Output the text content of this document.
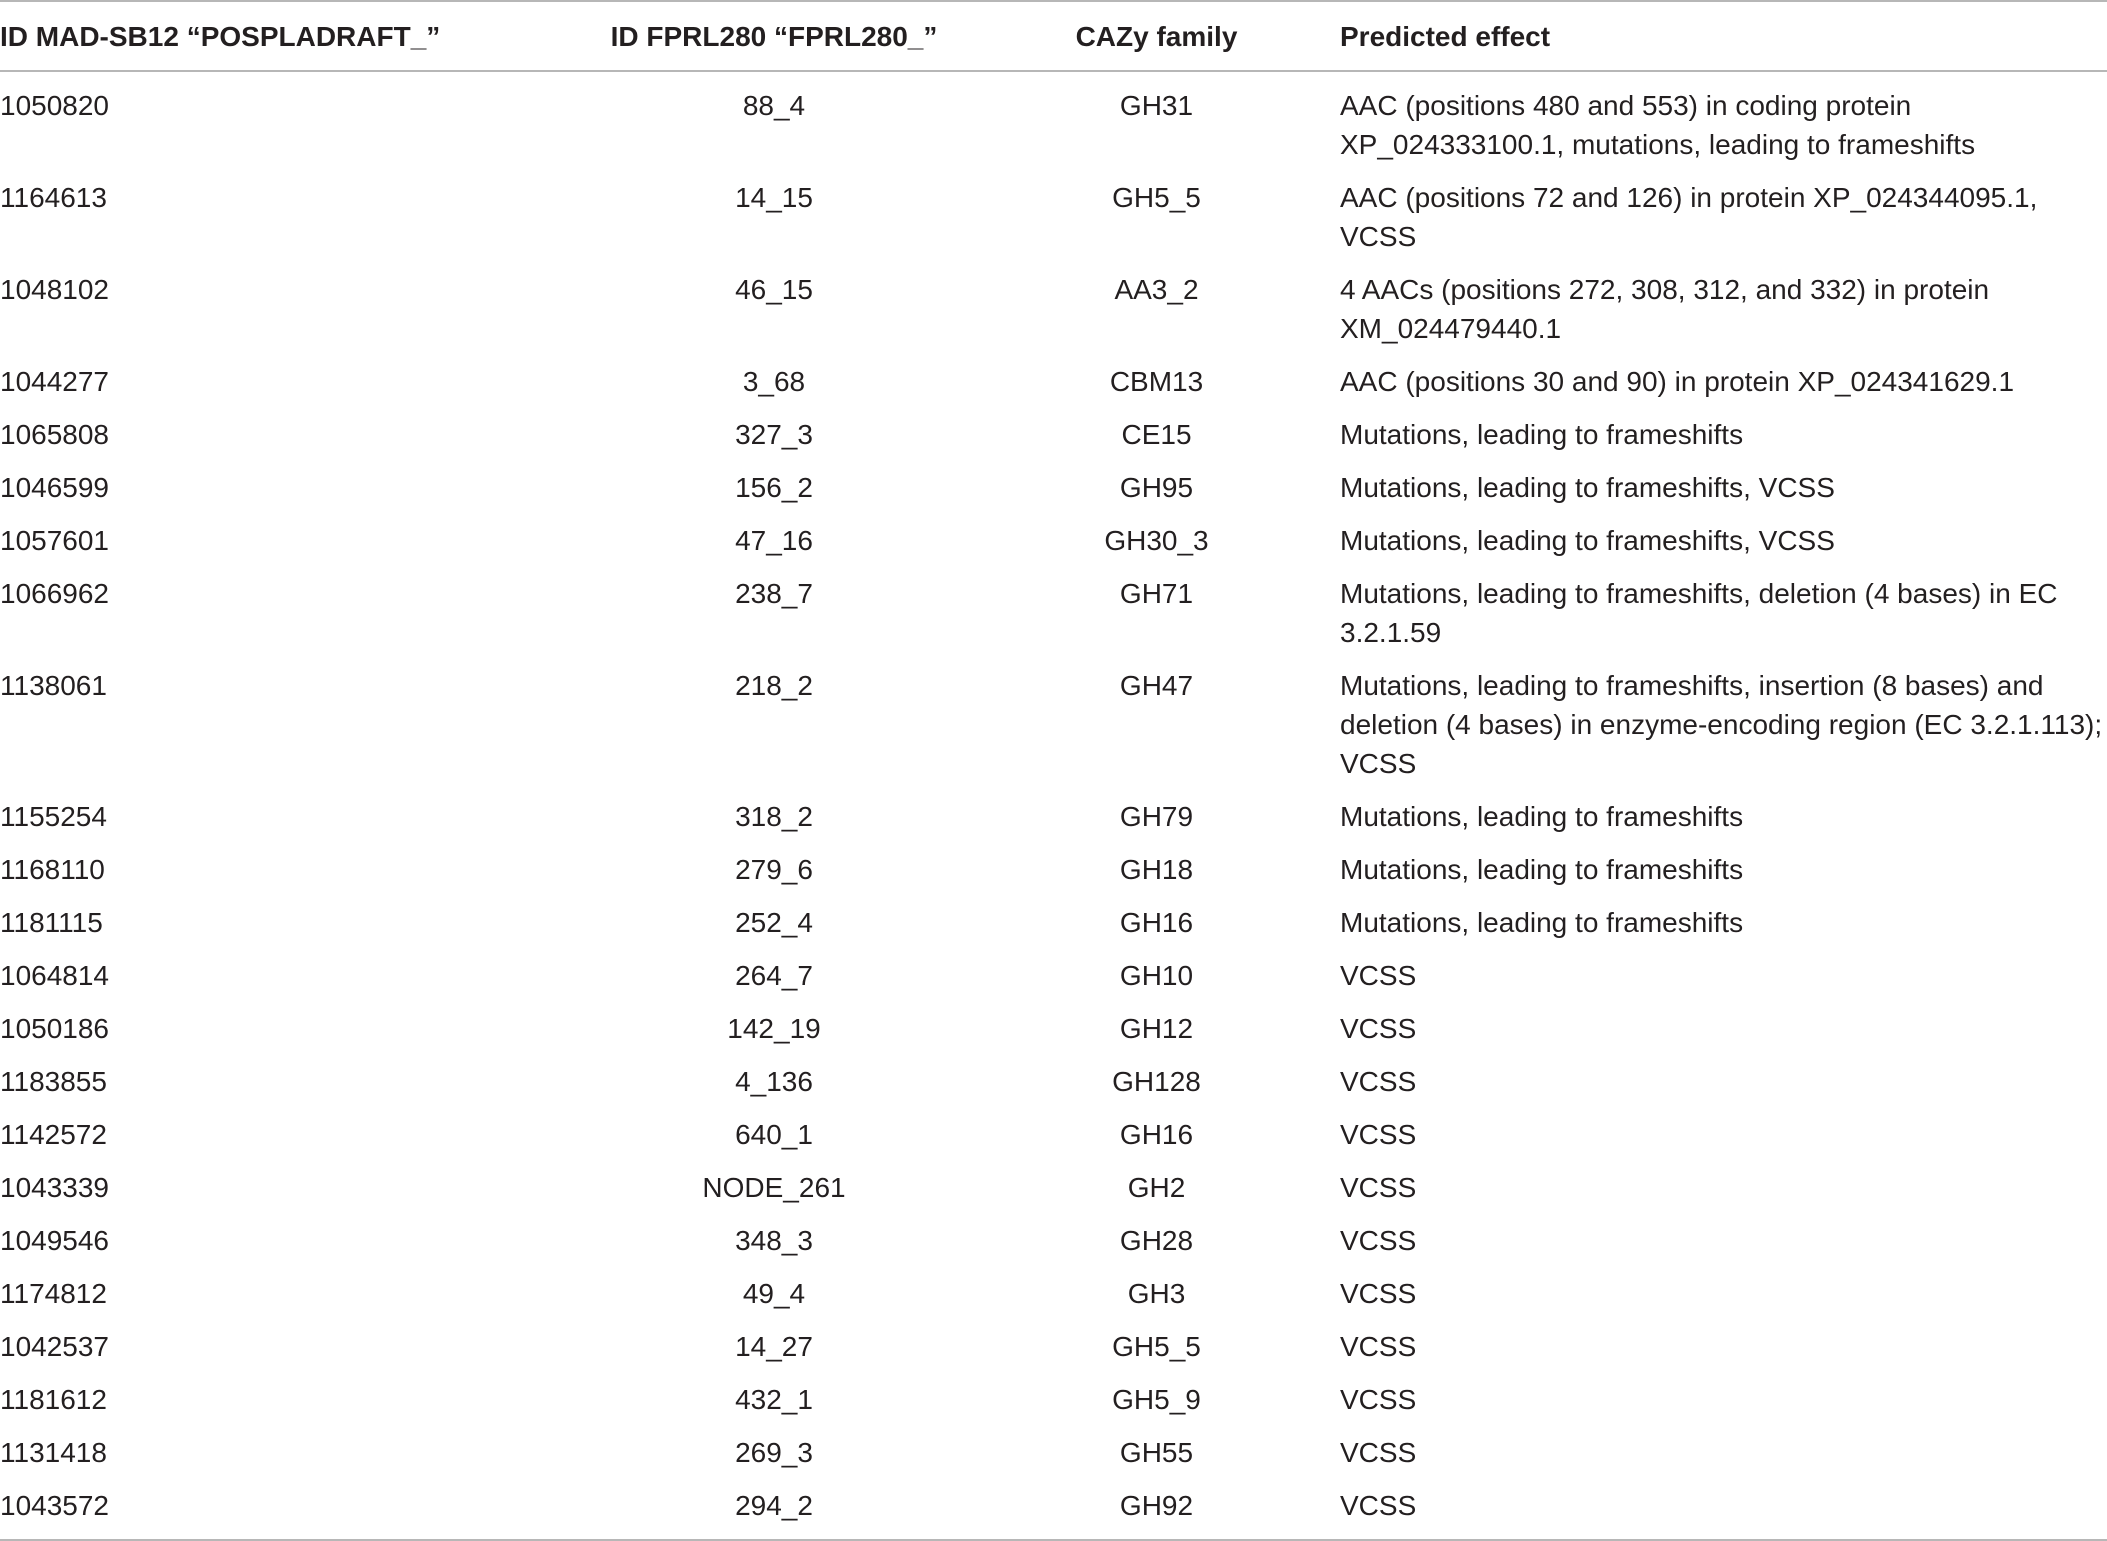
ID MAD-SB12 “POSPLADRAFT_”	ID FPRL280 “FPRL280_”	CAZy family	Predicted effect
1050820	88_4	GH31	AAC (positions 480 and 553) in coding protein XP_024333100.1, mutations, leading to frameshifts
1164613	14_15	GH5_5	AAC (positions 72 and 126) in protein XP_024344095.1, VCSS
1048102	46_15	AA3_2	4 AACs (positions 272, 308, 312, and 332) in protein XM_024479440.1
1044277	3_68	CBM13	AAC (positions 30 and 90) in protein XP_024341629.1
1065808	327_3	CE15	Mutations, leading to frameshifts
1046599	156_2	GH95	Mutations, leading to frameshifts, VCSS
1057601	47_16	GH30_3	Mutations, leading to frameshifts, VCSS
1066962	238_7	GH71	Mutations, leading to frameshifts, deletion (4 bases) in EC 3.2.1.59
1138061	218_2	GH47	Mutations, leading to frameshifts, insertion (8 bases) and deletion (4 bases) in enzyme-encoding region (EC 3.2.1.113); VCSS
1155254	318_2	GH79	Mutations, leading to frameshifts
1168110	279_6	GH18	Mutations, leading to frameshifts
1181115	252_4	GH16	Mutations, leading to frameshifts
1064814	264_7	GH10	VCSS
1050186	142_19	GH12	VCSS
1183855	4_136	GH128	VCSS
1142572	640_1	GH16	VCSS
1043339	NODE_261	GH2	VCSS
1049546	348_3	GH28	VCSS
1174812	49_4	GH3	VCSS
1042537	14_27	GH5_5	VCSS
1181612	432_1	GH5_9	VCSS
1131418	269_3	GH55	VCSS
1043572	294_2	GH92	VCSS
